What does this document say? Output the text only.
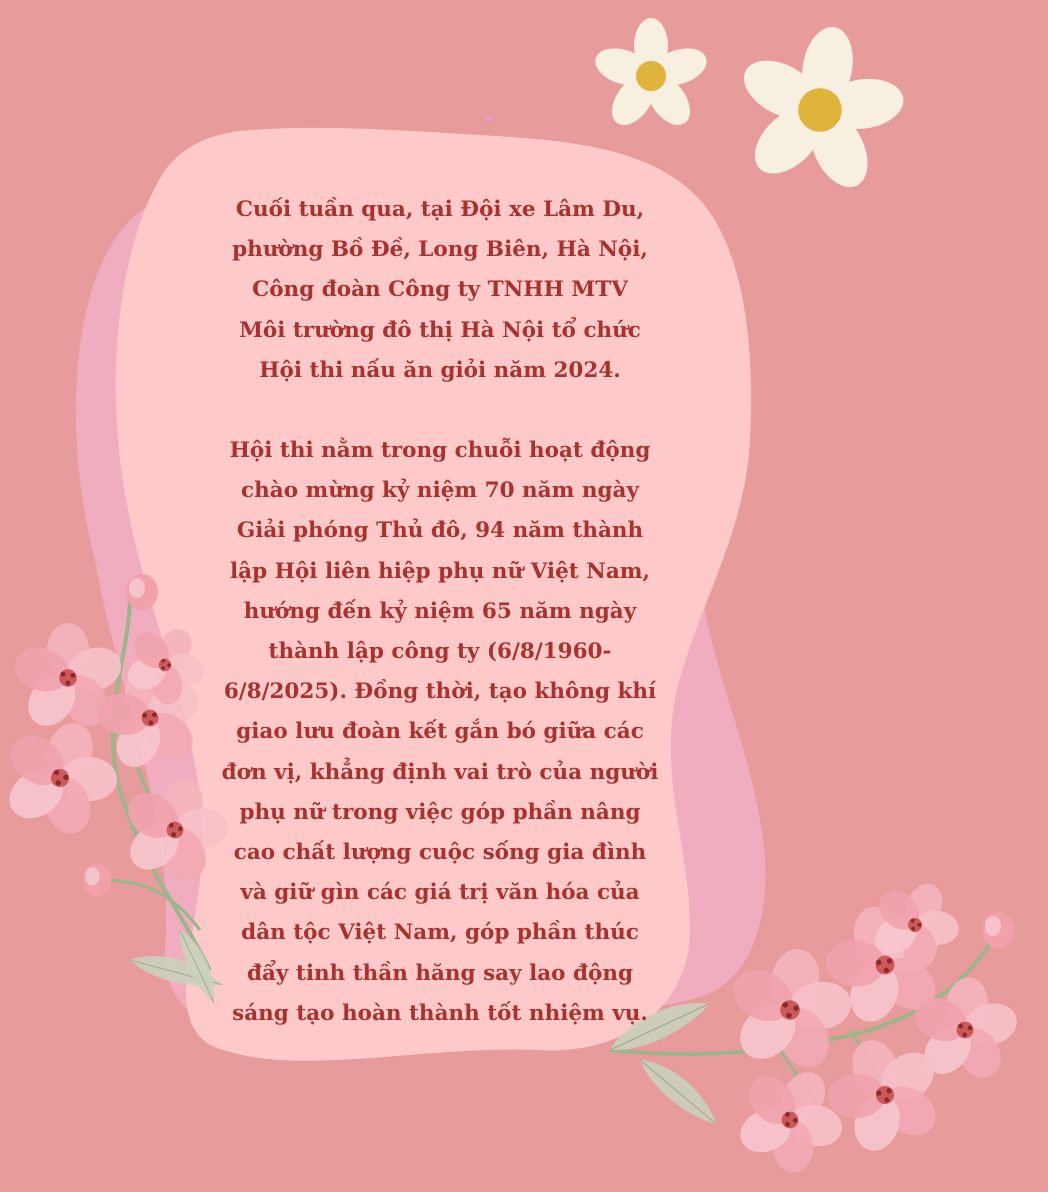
Cuối tuần qua, tại Đội xe Lâm Du,
phường Bồ Đề, Long Biên, Hà Nội,
Công đoàn Công ty TNHH MTV
Môi trường đô thị Hà Nội tổ chức
Hội thi nấu ăn giỏi năm 2024.

Hội thi nằm trong chuỗi hoạt động
chào mừng kỷ niệm 70 năm ngày
Giải phóng Thủ đô, 94 năm thành
lập Hội liên hiệp phụ nữ Việt Nam,
hướng đến kỷ niệm 65 năm ngày
thành lập công ty (6/8/1960-
6/8/2025). Đồng thời, tạo không khí
giao lưu đoàn kết gắn bó giữa các
đơn vị, khẳng định vai trò của người
phụ nữ trong việc góp phần nâng
cao chất lượng cuộc sống gia đình
và giữ gìn các giá trị văn hóa của
dân tộc Việt Nam, góp phần thúc
đẩy tinh thần hăng say lao động
sáng tạo hoàn thành tốt nhiệm vụ.
